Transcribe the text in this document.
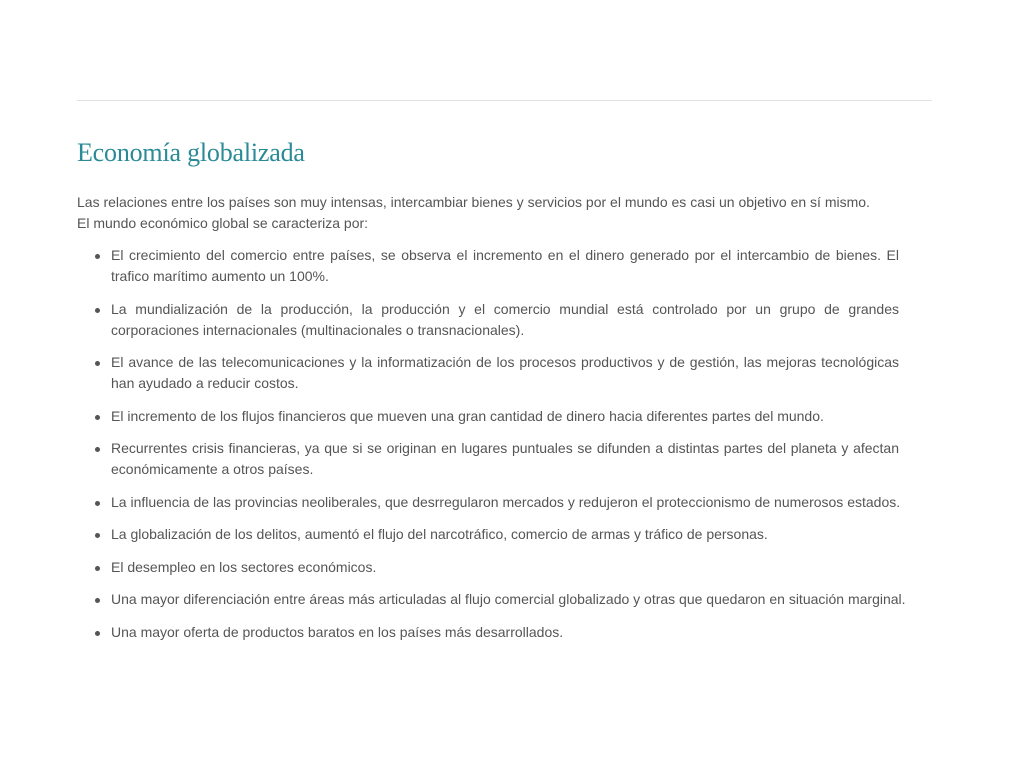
Economía globalizada

Las relaciones entre los países son muy intensas, intercambiar bienes y servicios por el mundo es casi un objetivo en sí mismo.

El mundo económico global se caracteriza por:

El crecimiento del comercio entre países, se observa el incremento en el dinero generado por el intercambio de bienes. El trafico marítimo aumento un 100%.
La mundialización de la producción, la producción y el comercio mundial está controlado por un grupo de grandes corporaciones internacionales (multinacionales o transnacionales).
El avance de las telecomunicaciones y la informatización de los procesos productivos y de gestión, las mejoras tecnológicas han ayudado a reducir costos.
El incremento de los flujos financieros que mueven una gran cantidad de dinero hacia diferentes partes del mundo.
Recurrentes crisis financieras, ya que si se originan en lugares puntuales se difunden a distintas partes del planeta y afectan económicamente a otros países.
La influencia de las provincias neoliberales, que desrregularon mercados y redujeron el proteccionismo de numerosos estados.
La globalización de los delitos, aumentó el flujo del narcotráfico, comercio de armas y tráfico de personas.
El desempleo en los sectores económicos.
Una mayor diferenciación entre áreas más articuladas al flujo comercial globalizado y otras que quedaron en situación marginal.
Una mayor oferta de productos baratos en los países más desarrollados.
